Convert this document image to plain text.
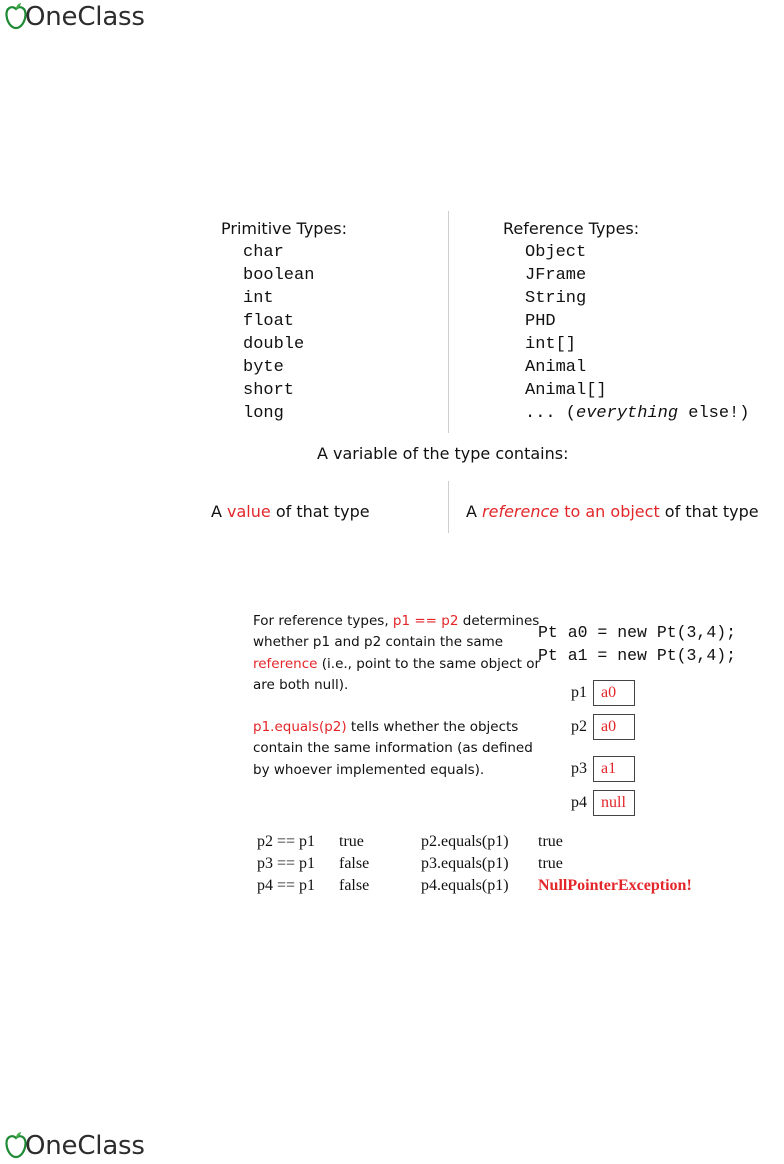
OneClass
Primitive Types:
char
boolean
int
float
double
byte
short
long
Reference Types:
Object
JFrame
String
PHD
int[]
Animal
Animal[]
... (everything else!)
A variable of the type contains:
A value of that type	A reference to an object of that type

For reference types, p1 == p2 determines whether p1 and p2 contain the same reference (i.e., point to the same object or are both null).

p1.equals(p2) tells whether the objects contain the same information (as defined by whoever implemented equals).

Pt a0 = new Pt(3,4);
Pt a1 = new Pt(3,4);
p1 a0
p2 a0
p3 a1
p4 null
p2 == p1 true	p2.equals(p1) true
p3 == p1 false	p3.equals(p1) true
p4 == p1 false	p4.equals(p1) NullPointerException!
OneClass
